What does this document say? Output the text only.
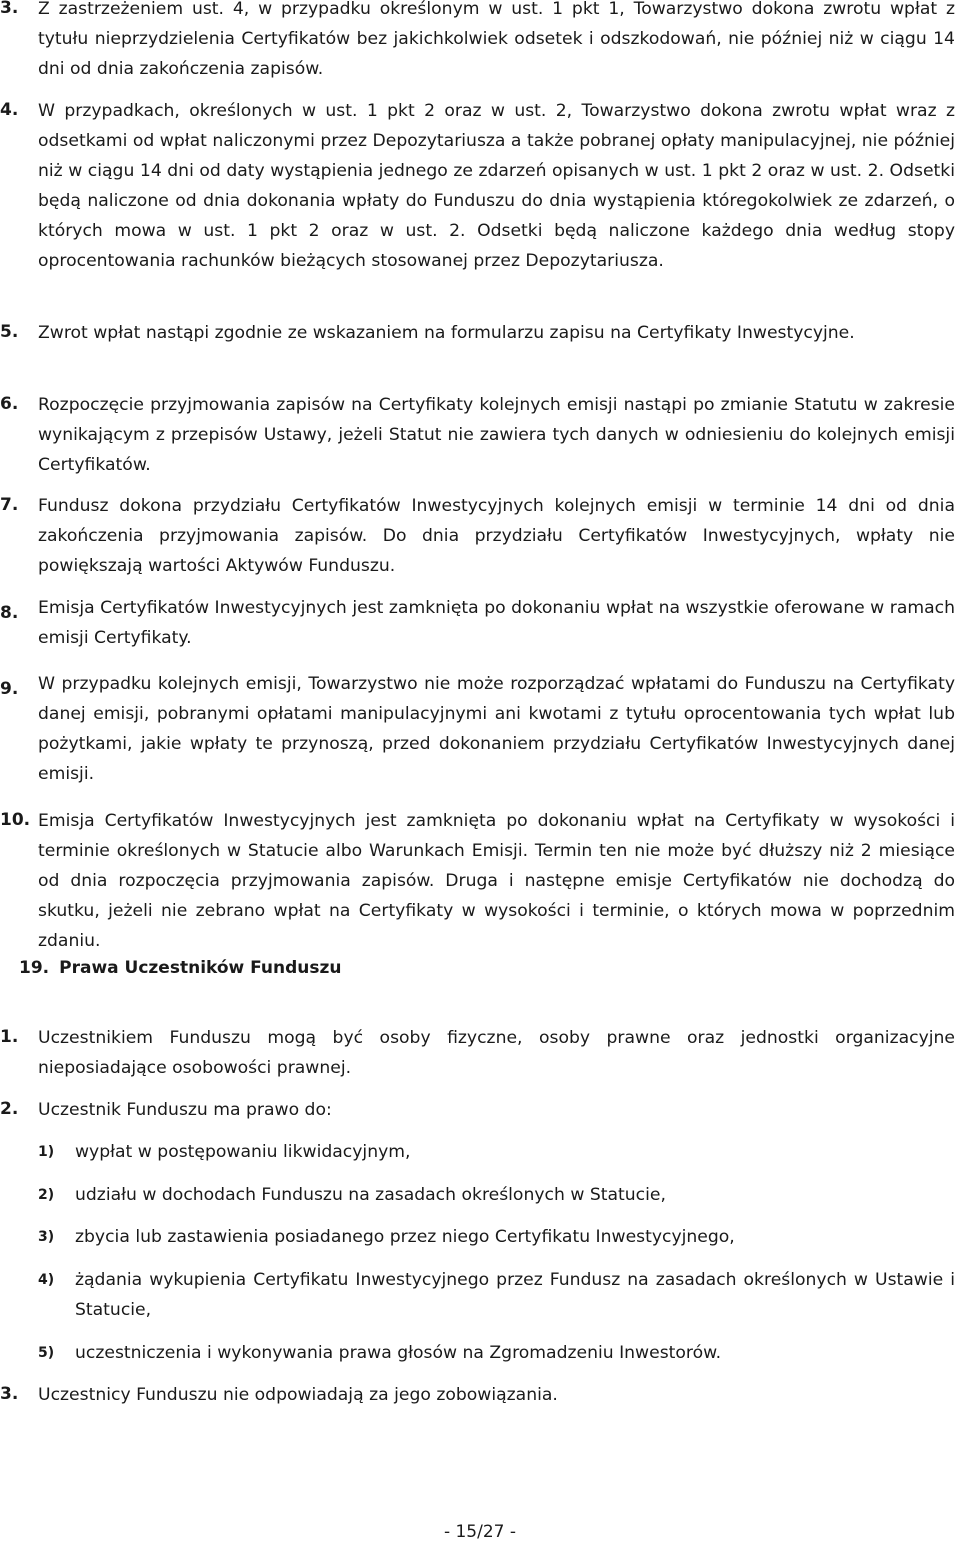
3. Z zastrzeżeniem ust. 4, w przypadku określonym w ust. 1 pkt 1, Towarzystwo dokona zwrotu wpłat z tytułu nieprzydzielenia Certyfikatów bez jakichkolwiek odsetek i odszkodowań, nie później niż w ciągu 14 dni od dnia zakończenia zapisów.
4. W przypadkach, określonych w ust. 1 pkt 2 oraz w ust. 2, Towarzystwo dokona zwrotu wpłat wraz z odsetkami od wpłat naliczonymi przez Depozytariusza a także pobranej opłaty manipulacyjnej, nie później niż w ciągu 14 dni od daty wystąpienia jednego ze zdarzeń opisanych w ust. 1 pkt 2 oraz w ust. 2. Odsetki będą naliczone od dnia dokonania wpłaty do Funduszu do dnia wystąpienia któregokolwiek ze zdarzeń, o których mowa w ust. 1 pkt 2 oraz w ust. 2. Odsetki będą naliczone każdego dnia według stopy oprocentowania rachunków bieżących stosowanej przez Depozytariusza.
5. Zwrot wpłat nastąpi zgodnie ze wskazaniem na formularzu zapisu na Certyfikaty Inwestycyjne.
6. Rozpoczęcie przyjmowania zapisów na Certyfikaty kolejnych emisji nastąpi po zmianie Statutu w zakresie wynikającym z przepisów Ustawy, jeżeli Statut nie zawiera tych danych w odniesieniu do kolejnych emisji Certyfikatów.
7. Fundusz dokona przydziału Certyfikatów Inwestycyjnych kolejnych emisji w terminie 14 dni od dnia zakończenia przyjmowania zapisów. Do dnia przydziału Certyfikatów Inwestycyjnych, wpłaty nie powiększają wartości Aktywów Funduszu.
8. Emisja Certyfikatów Inwestycyjnych jest zamknięta po dokonaniu wpłat na wszystkie oferowane w ramach emisji Certyfikaty.
9. W przypadku kolejnych emisji, Towarzystwo nie może rozporządzać wpłatami do Funduszu na Certyfikaty danej emisji, pobranymi opłatami manipulacyjnymi ani kwotami z tytułu oprocentowania tych wpłat lub pożytkami, jakie wpłaty te przynoszą, przed dokonaniem przydziału Certyfikatów Inwestycyjnych danej emisji.
10. Emisja Certyfikatów Inwestycyjnych jest zamknięta po dokonaniu wpłat na Certyfikaty w wysokości i terminie określonych w Statucie albo Warunkach Emisji. Termin ten nie może być dłuższy niż 2 miesiące od dnia rozpoczęcia przyjmowania zapisów. Druga i następne emisje Certyfikatów nie dochodzą do skutku, jeżeli nie zebrano wpłat na Certyfikaty w wysokości i terminie, o których mowa w poprzednim zdaniu.
19. Prawa Uczestników Funduszu
1. Uczestnikiem Funduszu mogą być osoby fizyczne, osoby prawne oraz jednostki organizacyjne nieposiadające osobowości prawnej.
2. Uczestnik Funduszu ma prawo do:
1) wypłat w postępowaniu likwidacyjnym,
2) udziału w dochodach Funduszu na zasadach określonych w Statucie,
3) zbycia lub zastawienia posiadanego przez niego Certyfikatu Inwestycyjnego,
4) żądania wykupienia Certyfikatu Inwestycyjnego przez Fundusz na zasadach określonych w Ustawie i Statucie,
5) uczestniczenia i wykonywania prawa głosów na Zgromadzeniu Inwestorów.
3. Uczestnicy Funduszu nie odpowiadają za jego zobowiązania.
- 15/27 -
